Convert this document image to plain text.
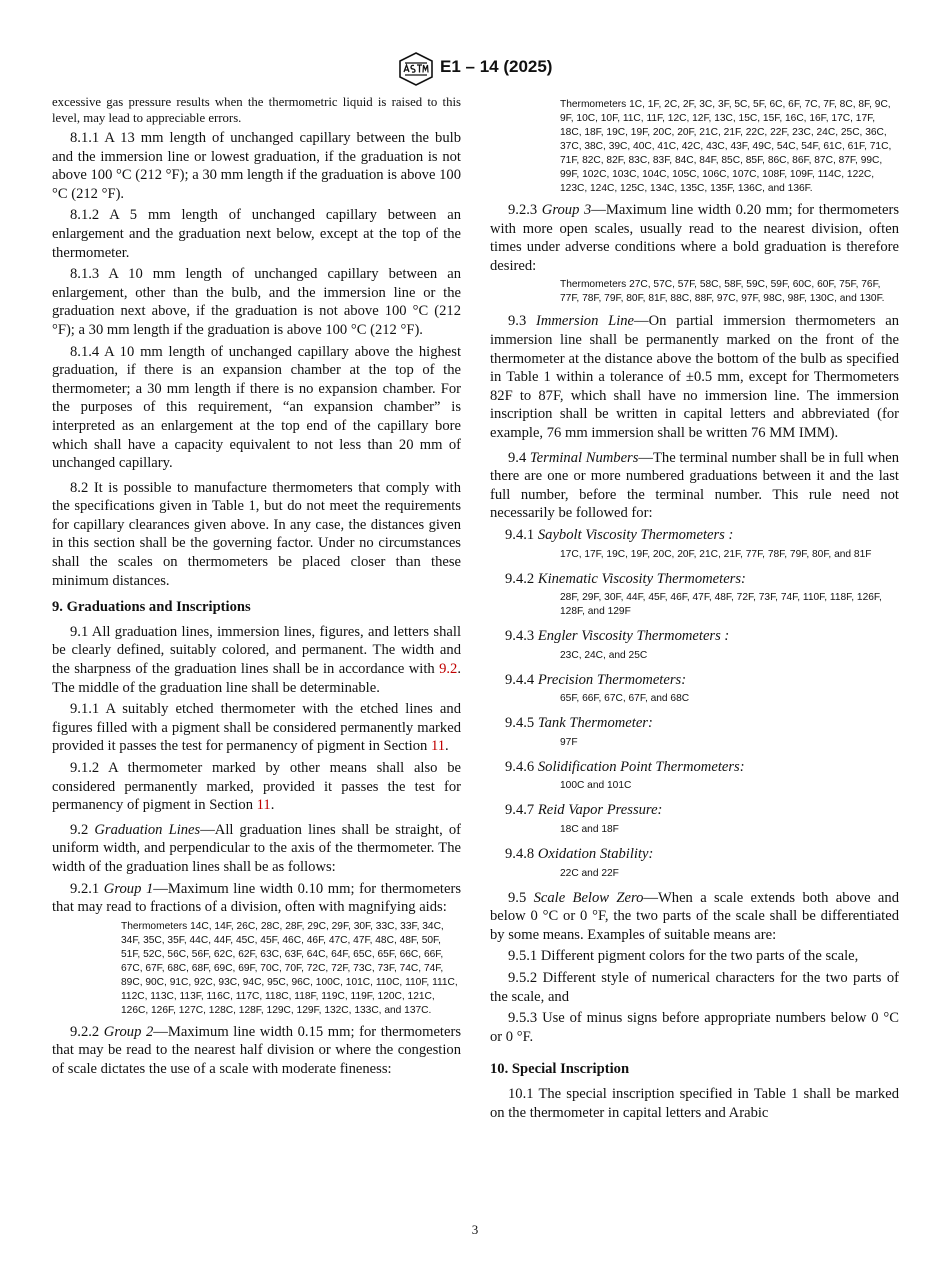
E1 – 14 (2025)

excessive gas pressure results when the thermometric liquid is raised to this level, may lead to appreciable errors.

8.1.1 A 13 mm length of unchanged capillary between the bulb and the immersion line or lowest graduation, if the graduation is not above 100 °C (212 °F); a 30 mm length if the graduation is above 100 °C (212 °F).

8.1.2 A 5 mm length of unchanged capillary between an enlargement and the graduation next below, except at the top of the thermometer.

8.1.3 A 10 mm length of unchanged capillary between an enlargement, other than the bulb, and the immersion line or the graduation next above, if the graduation is not above 100 °C (212 °F); a 30 mm length if the graduation is above 100 °C (212 °F).

8.1.4 A 10 mm length of unchanged capillary above the highest graduation, if there is an expansion chamber at the top of the thermometer; a 30 mm length if there is no expansion chamber. For the purposes of this requirement, “an expansion chamber” is interpreted as an enlargement at the top end of the capillary bore which shall have a capacity equivalent to not less than 20 mm of unchanged capillary.

8.2 It is possible to manufacture thermometers that comply with the specifications given in Table 1, but do not meet the requirements for capillary clearances given above. In any case, the distances given in this section shall be the governing factor. Under no circumstances shall the scales on thermometers be placed closer than these minimum distances.

9. Graduations and Inscriptions

9.1 All graduation lines, immersion lines, figures, and letters shall be clearly defined, suitably colored, and permanent. The width and the sharpness of the graduation lines shall be in accordance with 9.2. The middle of the graduation line shall be determinable.

9.1.1 A suitably etched thermometer with the etched lines and figures filled with a pigment shall be considered permanently marked provided it passes the test for permanency of pigment in Section 11.

9.1.2 A thermometer marked by other means shall also be considered permanently marked, provided it passes the test for permanency of pigment in Section 11.

9.2 Graduation Lines—All graduation lines shall be straight, of uniform width, and perpendicular to the axis of the thermometer. The width of the graduation lines shall be as follows:

9.2.1 Group 1—Maximum line width 0.10 mm; for thermometers that may read to fractions of a division, often with magnifying aids:

Thermometers 14C, 14F, 26C, 28C, 28F, 29C, 29F, 30F, 33C, 33F, 34C, 34F, 35C, 35F, 44C, 44F, 45C, 45F, 46C, 46F, 47C, 47F, 48C, 48F, 50F, 51F, 52C, 56C, 56F, 62C, 62F, 63C, 63F, 64C, 64F, 65C, 65F, 66C, 66F, 67C, 67F, 68C, 68F, 69C, 69F, 70C, 70F, 72C, 72F, 73C, 73F, 74C, 74F, 89C, 90C, 91C, 92C, 93C, 94C, 95C, 96C, 100C, 101C, 110C, 110F, 111C, 112C, 113C, 113F, 116C, 117C, 118C, 118F, 119C, 119F, 120C, 121C, 126C, 126F, 127C, 128C, 128F, 129C, 129F, 132C, 133C, and 137C.

9.2.2 Group 2—Maximum line width 0.15 mm; for thermometers that may be read to the nearest half division or where the congestion of scale dictates the use of a scale with moderate fineness:

Thermometers 1C, 1F, 2C, 2F, 3C, 3F, 5C, 5F, 6C, 6F, 7C, 7F, 8C, 8F, 9C, 9F, 10C, 10F, 11C, 11F, 12C, 12F, 13C, 15C, 15F, 16C, 16F, 17C, 17F, 18C, 18F, 19C, 19F, 20C, 20F, 21C, 21F, 22C, 22F, 23C, 24C, 25C, 36C, 37C, 38C, 39C, 40C, 41C, 42C, 43C, 43F, 49C, 54C, 54F, 61C, 61F, 71C, 71F, 82C, 82F, 83C, 83F, 84C, 84F, 85C, 85F, 86C, 86F, 87C, 87F, 99C, 99F, 102C, 103C, 104C, 105C, 106C, 107C, 108F, 109F, 114C, 122C, 123C, 124C, 125C, 134C, 135C, 135F, 136C, and 136F.

9.2.3 Group 3—Maximum line width 0.20 mm; for thermometers with more open scales, usually read to the nearest division, often times under adverse conditions where a bold graduation is therefore desired:

Thermometers 27C, 57C, 57F, 58C, 58F, 59C, 59F, 60C, 60F, 75F, 76F, 77F, 78F, 79F, 80F, 81F, 88C, 88F, 97C, 97F, 98C, 98F, 130C, and 130F.

9.3 Immersion Line—On partial immersion thermometers an immersion line shall be permanently marked on the front of the thermometer at the distance above the bottom of the bulb as specified in Table 1 within a tolerance of ±0.5 mm, except for Thermometers 82F to 87F, which shall have no immersion line. The immersion inscription shall be written in capital letters and abbreviated (for example, 76 mm immersion shall be written 76 MM IMM).

9.4 Terminal Numbers—The terminal number shall be in full when there are one or more numbered graduations between it and the last full number, before the terminal number. This rule need not necessarily be followed for:

9.4.1 Saybolt Viscosity Thermometers :

17C, 17F, 19C, 19F, 20C, 20F, 21C, 21F, 77F, 78F, 79F, 80F, and 81F

9.4.2 Kinematic Viscosity Thermometers:

28F, 29F, 30F, 44F, 45F, 46F, 47F, 48F, 72F, 73F, 74F, 110F, 118F, 126F, 128F, and 129F

9.4.3 Engler Viscosity Thermometers :

23C, 24C, and 25C

9.4.4 Precision Thermometers:

65F, 66F, 67C, 67F, and 68C

9.4.5 Tank Thermometer:

97F

9.4.6 Solidification Point Thermometers:

100C and 101C

9.4.7 Reid Vapor Pressure:

18C and 18F

9.4.8 Oxidation Stability:

22C and 22F

9.5 Scale Below Zero—When a scale extends both above and below 0 °C or 0 °F, the two parts of the scale shall be differentiated by some means. Examples of suitable means are:

9.5.1 Different pigment colors for the two parts of the scale,

9.5.2 Different style of numerical characters for the two parts of the scale, and

9.5.3 Use of minus signs before appropriate numbers below 0 °C or 0 °F.

10. Special Inscription

10.1 The special inscription specified in Table 1 shall be marked on the thermometer in capital letters and Arabic

3
